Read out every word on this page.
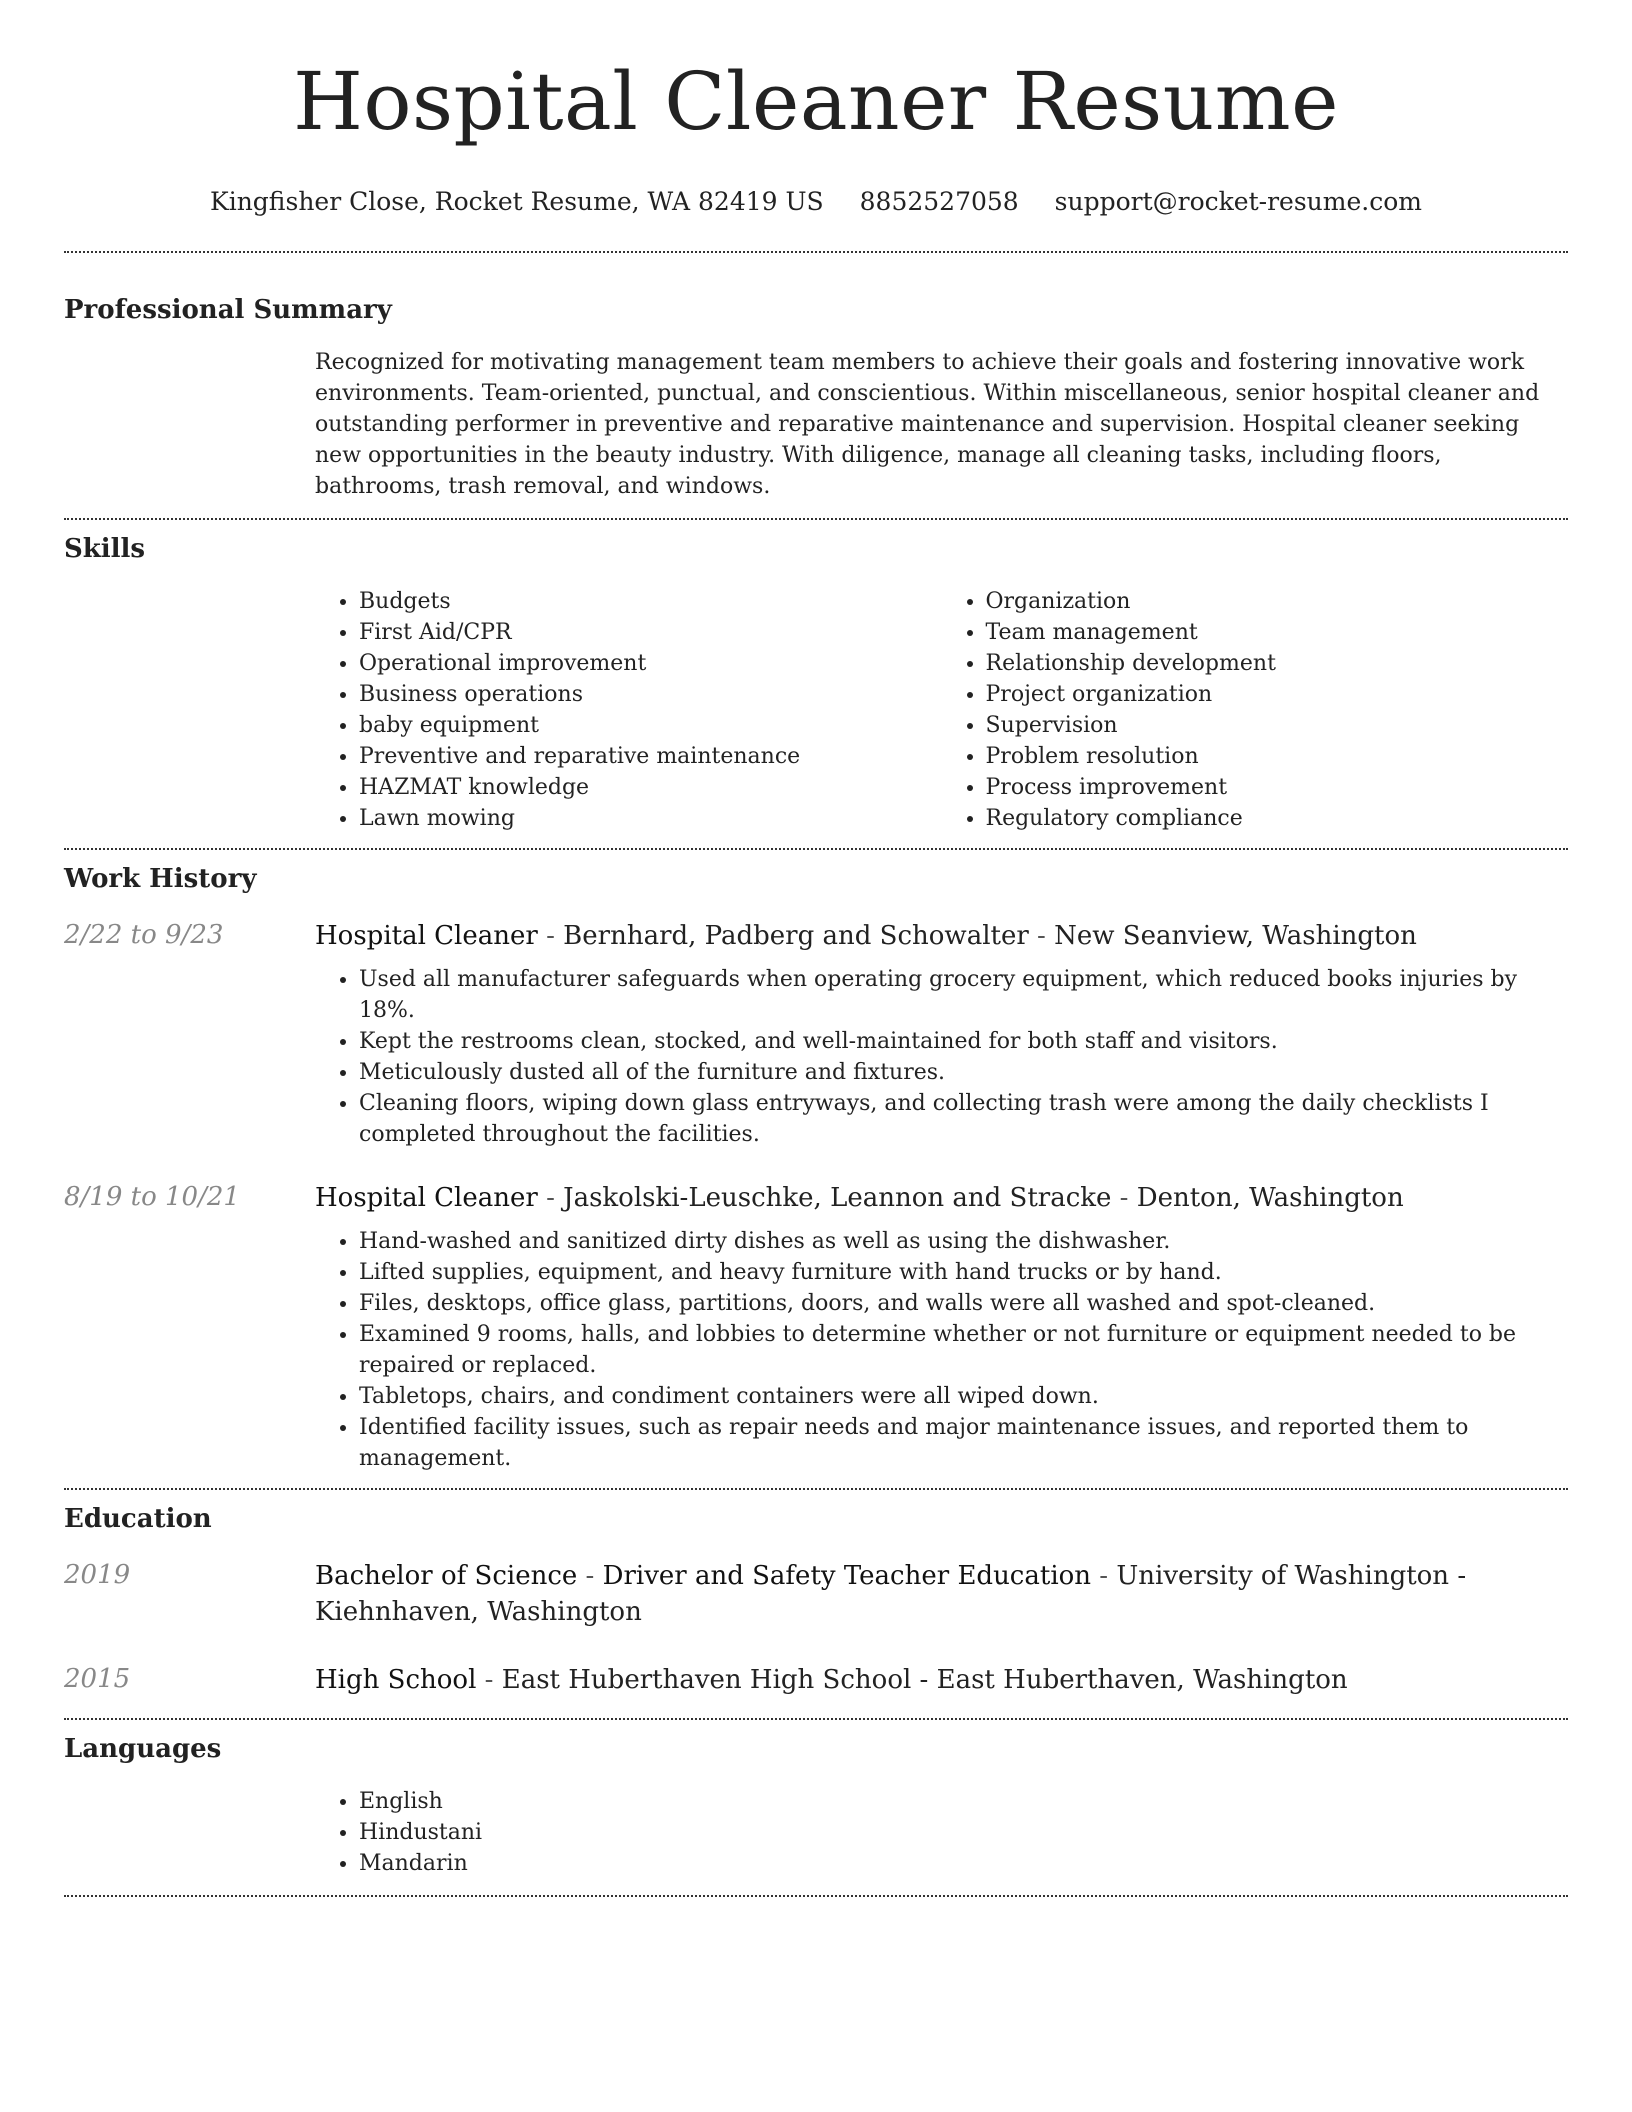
Hospital Cleaner Resume
Kingfisher Close, Rocket Resume, WA 82419 US 8852527058 support@rocket-resume.com
Professional Summary
Recognized for motivating management team members to achieve their goals and fostering innovative work environments. Team-oriented, punctual, and conscientious. Within miscellaneous, senior hospital cleaner and outstanding performer in preventive and reparative maintenance and supervision. Hospital cleaner seeking new opportunities in the beauty industry. With diligence, manage all cleaning tasks, including floors, bathrooms, trash removal, and windows.
Skills
• Budgets
• First Aid/CPR
• Operational improvement
• Business operations
• baby equipment
• Preventive and reparative maintenance
• HAZMAT knowledge
• Lawn mowing
• Organization
• Team management
• Relationship development
• Project organization
• Supervision
• Problem resolution
• Process improvement
• Regulatory compliance
Work History
2/22 to 9/23	Hospital Cleaner - Bernhard, Padberg and Schowalter - New Seanview, Washington

• Used all manufacturer safeguards when operating grocery equipment, which reduced books injuries by 18%.
• Kept the restrooms clean, stocked, and well-maintained for both staff and visitors.
• Meticulously dusted all of the furniture and fixtures.
• Cleaning floors, wiping down glass entryways, and collecting trash were among the daily checklists I completed throughout the facilities.
8/19 to 10/21	Hospital Cleaner - Jaskolski-Leuschke, Leannon and Stracke - Denton, Washington

• Hand-washed and sanitized dirty dishes as well as using the dishwasher.
• Lifted supplies, equipment, and heavy furniture with hand trucks or by hand.
• Files, desktops, office glass, partitions, doors, and walls were all washed and spot-cleaned.
• Examined 9 rooms, halls, and lobbies to determine whether or not furniture or equipment needed to be repaired or replaced.
• Tabletops, chairs, and condiment containers were all wiped down.
• Identified facility issues, such as repair needs and major maintenance issues, and reported them to management.
Education
2019	Bachelor of Science - Driver and Safety Teacher Education - University of Washington - Kiehnhaven, Washington

2015	High School - East Huberthaven High School - East Huberthaven, Washington

Languages
• English
• Hindustani
• Mandarin
